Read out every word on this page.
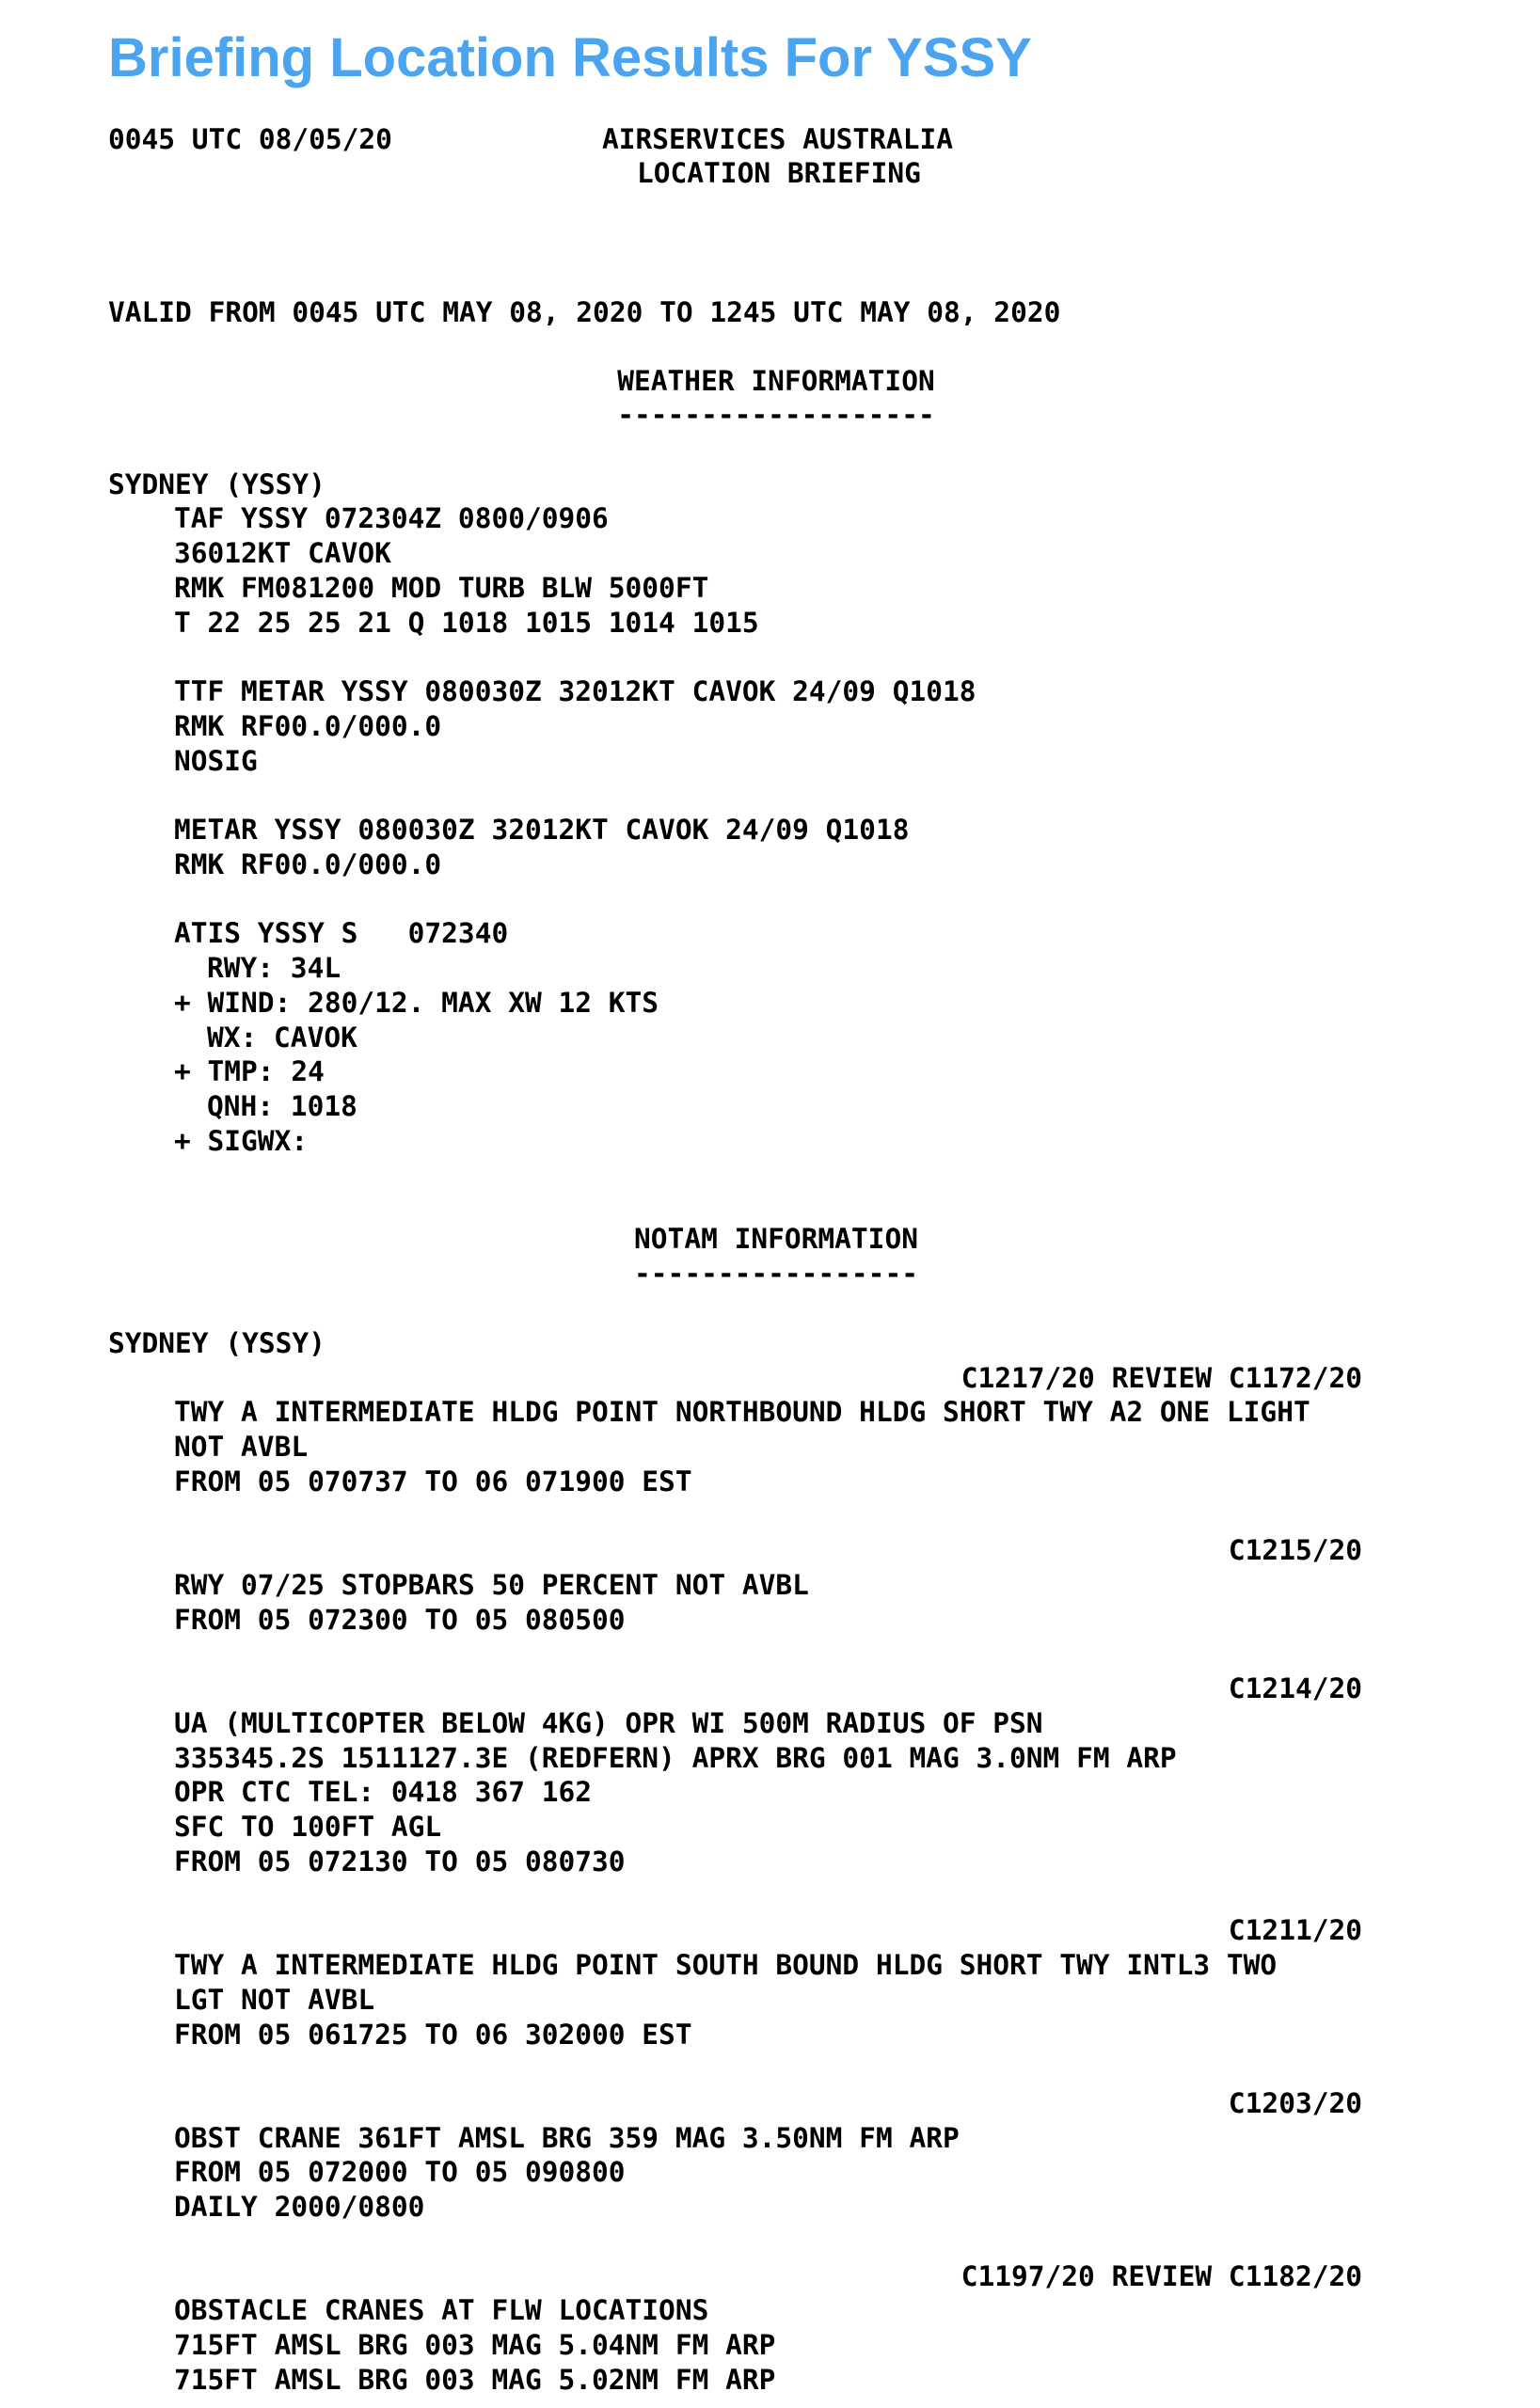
Briefing Location Results For YSSY
0045 UTC 08/05/20	AIRSERVICES AUSTRALIA
LOCATION BRIEFING
VALID FROM 0045 UTC MAY 08, 2020 TO 1245 UTC MAY 08, 2020
WEATHER INFORMATION
-------------------
SYDNEY (YSSY)
TAF YSSY 072304Z 0800/0906
36012KT CAVOK
RMK FM081200 MOD TURB BLW 5000FT
T 22 25 25 21 Q 1018 1015 1014 1015
TTF METAR YSSY 080030Z 32012KT CAVOK 24/09 Q1018
RMK RF00.0/000.0
NOSIG
METAR YSSY 080030Z 32012KT CAVOK 24/09 Q1018
RMK RF00.0/000.0
ATIS YSSY S   072340
RWY: 34L
+ WIND: 280/12. MAX XW 12 KTS
WX: CAVOK
+ TMP: 24
QNH: 1018
+ SIGWX:
NOTAM INFORMATION
-----------------
SYDNEY (YSSY)
C1217/20 REVIEW C1172/20
TWY A INTERMEDIATE HLDG POINT NORTHBOUND HLDG SHORT TWY A2 ONE LIGHT
NOT AVBL
FROM 05 070737 TO 06 071900 EST
C1215/20
RWY 07/25 STOPBARS 50 PERCENT NOT AVBL
FROM 05 072300 TO 05 080500
C1214/20
UA (MULTICOPTER BELOW 4KG) OPR WI 500M RADIUS OF PSN
335345.2S 1511127.3E (REDFERN) APRX BRG 001 MAG 3.0NM FM ARP
OPR CTC TEL: 0418 367 162
SFC TO 100FT AGL
FROM 05 072130 TO 05 080730
C1211/20
TWY A INTERMEDIATE HLDG POINT SOUTH BOUND HLDG SHORT TWY INTL3 TWO
LGT NOT AVBL
FROM 05 061725 TO 06 302000 EST
C1203/20
OBST CRANE 361FT AMSL BRG 359 MAG 3.50NM FM ARP
FROM 05 072000 TO 05 090800
DAILY 2000/0800
C1197/20 REVIEW C1182/20
OBSTACLE CRANES AT FLW LOCATIONS
715FT AMSL BRG 003 MAG 5.04NM FM ARP
715FT AMSL BRG 003 MAG 5.02NM FM ARP
